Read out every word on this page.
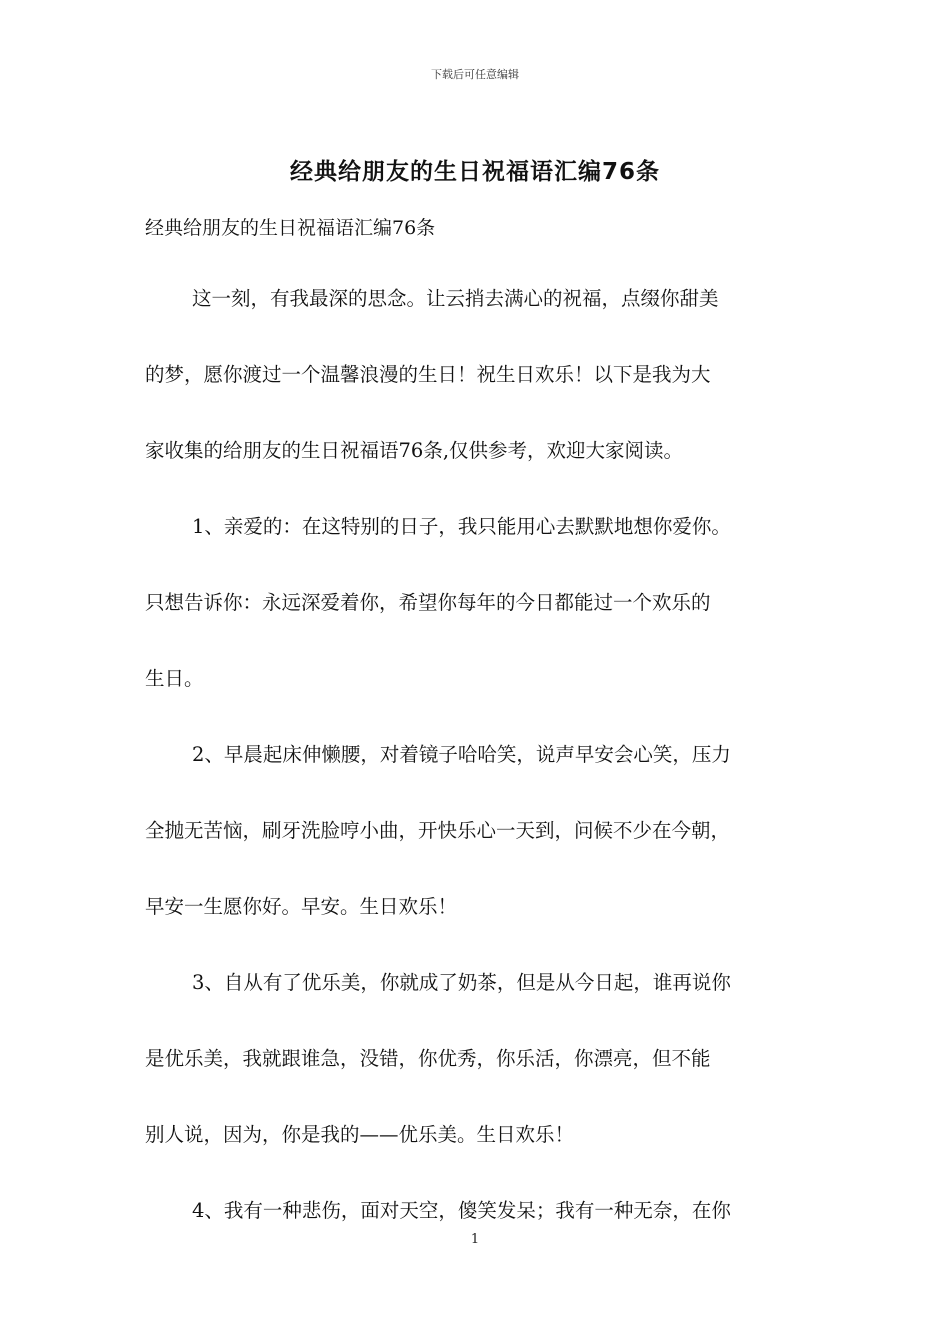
下载后可任意编辑
经典给朋友的生日祝福语汇编76条
经典给朋友的生日祝福语汇编76条
这一刻，有我最深的思念。让云捎去满心的祝福，点缀你甜美
的梦，愿你渡过一个温馨浪漫的生日！祝生日欢乐！以下是我为大
家收集的给朋友的生日祝福语76条,仅供参考，欢迎大家阅读。
1、亲爱的：在这特别的日子，我只能用心去默默地想你爱你。
只想告诉你：永远深爱着你，希望你每年的今日都能过一个欢乐的
生日。
2、早晨起床伸懒腰，对着镜子哈哈笑，说声早安会心笑，压力
全抛无苦恼，刷牙洗脸哼小曲，开快乐心一天到，问候不少在今朝，
早安一生愿你好。早安。生日欢乐！
3、自从有了优乐美，你就成了奶茶，但是从今日起，谁再说你
是优乐美，我就跟谁急，没错，你优秀，你乐活，你漂亮，但不能
别人说，因为，你是我的——优乐美。生日欢乐！
4、我有一种悲伤，面对天空，傻笑发呆；我有一种无奈，在你
1
